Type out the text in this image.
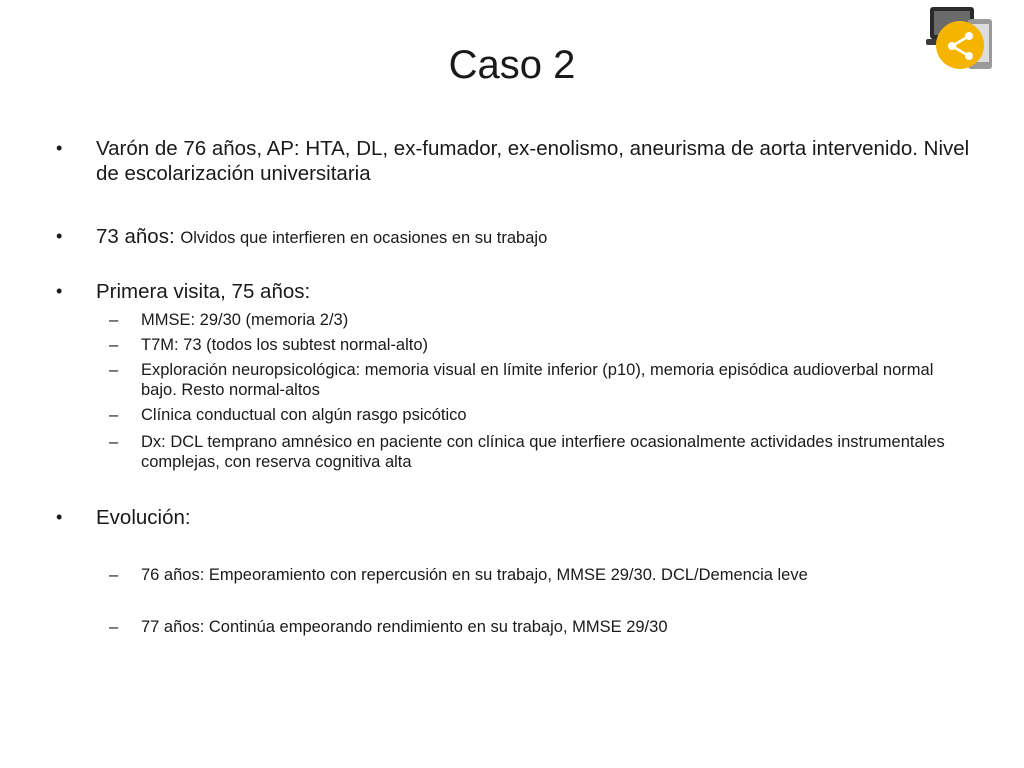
Caso 2
• Varón de 76 años, AP: HTA, DL, ex-fumador, ex-enolismo, aneurisma de aorta intervenido. Nivel de escolarización universitaria
• 73 años: Olvidos que interfieren en ocasiones en su trabajo
• Primera visita, 75 años:
– MMSE: 29/30 (memoria 2/3)
– T7M: 73 (todos los subtest normal-alto)
– Exploración neuropsicológica: memoria visual en límite inferior (p10), memoria episódica audioverbal normal bajo. Resto normal-altos
– Clínica conductual con algún rasgo psicótico
– Dx: DCL temprano amnésico en paciente con clínica que interfiere ocasionalmente actividades instrumentales complejas, con reserva cognitiva alta
• Evolución:
– 76 años: Empeoramiento con repercusión en su trabajo, MMSE 29/30. DCL/Demencia leve
– 77 años: Continúa empeorando rendimiento en su trabajo, MMSE 29/30
